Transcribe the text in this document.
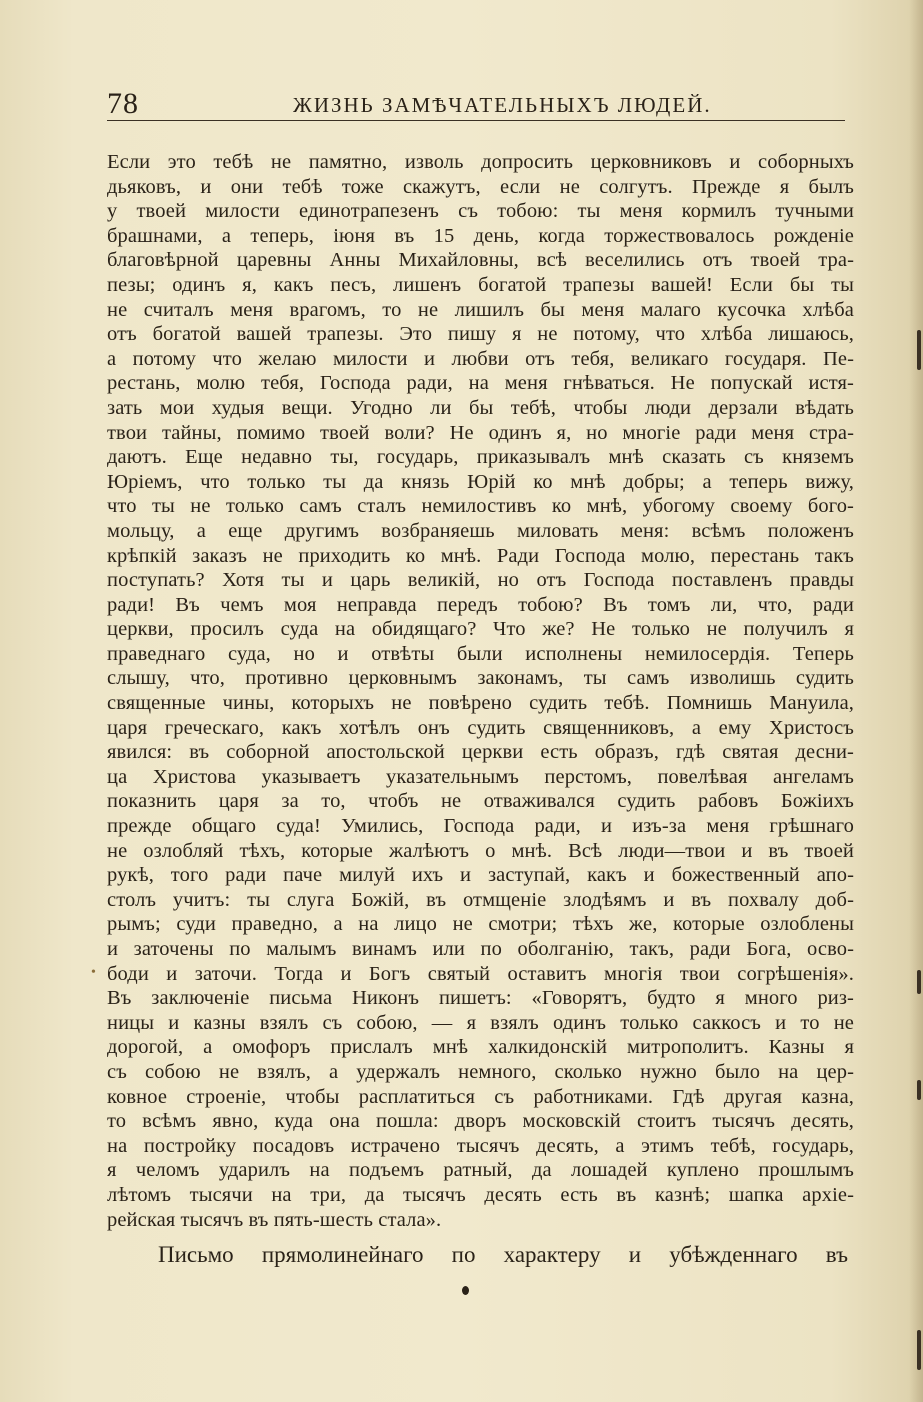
78	ЖИЗНЬ ЗАМѢЧАТЕЛЬНЫХЪ ЛЮДЕЙ.
Если это тебѣ не памятно, изволь допросить церковниковъ и соборныхъ
дьяковъ, и они тебѣ тоже скажутъ, если не солгутъ. Прежде я былъ
у твоей милости единотрапезенъ съ тобою: ты меня кормилъ тучными
брашнами, а теперь, іюня въ 15 день, когда торжествовалось рожденіе
благовѣрной царевны Анны Михайловны, всѣ веселились отъ твоей тра-
пезы; одинъ я, какъ песъ, лишенъ богатой трапезы вашей! Если бы ты
не считалъ меня врагомъ, то не лишилъ бы меня малаго кусочка хлѣба
отъ богатой вашей трапезы. Это пишу я не потому, что хлѣба лишаюсь,
а потому что желаю милости и любви отъ тебя, великаго государя. Пе-
рестань, молю тебя, Господа ради, на меня гнѣваться. Не попускай истя-
зать мои худыя вещи. Угодно ли бы тебѣ, чтобы люди дерзали вѣдать
твои тайны, помимо твоей воли? Не одинъ я, но многіе ради меня стра-
даютъ. Еще недавно ты, государь, приказывалъ мнѣ сказать съ княземъ
Юріемъ, что только ты да князь Юрій ко мнѣ добры; а теперь вижу,
что ты не только самъ сталъ немилостивъ ко мнѣ, убогому своему бого-
мольцу, а еще другимъ возбраняешь миловать меня: всѣмъ положенъ
крѣпкій заказъ не приходить ко мнѣ. Ради Господа молю, перестань такъ
поступать? Хотя ты и царь великій, но отъ Господа поставленъ правды
ради! Въ чемъ моя неправда передъ тобою? Въ томъ ли, что, ради
церкви, просилъ суда на обидящаго? Что же? Не только не получилъ я
праведнаго суда, но и отвѣты были исполнены немилосердія. Теперь
слышу, что, противно церковнымъ законамъ, ты самъ изволишь судить
священные чины, которыхъ не повѣрено судить тебѣ. Помнишь Мануила,
царя греческаго, какъ хотѣлъ онъ судить священниковъ, а ему Христосъ
явился: въ соборной апостольской церкви есть образъ, гдѣ святая десни-
ца Христова указываетъ указательнымъ перстомъ, повелѣвая ангеламъ
показнить царя за то, чтобъ не отваживался судить рабовъ Божіихъ
прежде общаго суда! Умились, Господа ради, и изъ-за меня грѣшнаго
не озлобляй тѣхъ, которые жалѣютъ о мнѣ. Всѣ люди—твои и въ твоей
рукѣ, того ради паче милуй ихъ и заступай, какъ и божественный апо-
столъ учитъ: ты слуга Божій, въ отмщеніе злодѣямъ и въ похвалу доб-
рымъ; суди праведно, а на лицо не смотри; тѣхъ же, которые озлоблены
и заточены по малымъ винамъ или по оболганію, такъ, ради Бога, осво-
боди и заточи. Тогда и Богъ святый оставитъ многія твои согрѣшенія».
Въ заключеніе письма Никонъ пишетъ: «Говорятъ, будто я много риз-
ницы и казны взялъ съ собою, — я взялъ одинъ только саккосъ и то не
дорогой, а омофоръ прислалъ мнѣ халкидонскій митрополитъ. Казны я
съ собою не взялъ, а удержалъ немного, сколько нужно было на цер-
ковное строеніе, чтобы расплатиться съ работниками. Гдѣ другая казна,
то всѣмъ явно, куда она пошла: дворъ московскій стоитъ тысячъ десять,
на постройку посадовъ истрачено тысячъ десять, а этимъ тебѣ, государь,
я челомъ ударилъ на подъемъ ратный, да лошадей куплено прошлымъ
лѣтомъ тысячи на три, да тысячъ десять есть въ казнѣ; шапка архіе-
рейская тысячъ въ пять-шесть стала».
Письмо прямолинейнаго по характеру и убѣжденнаго въ
•
